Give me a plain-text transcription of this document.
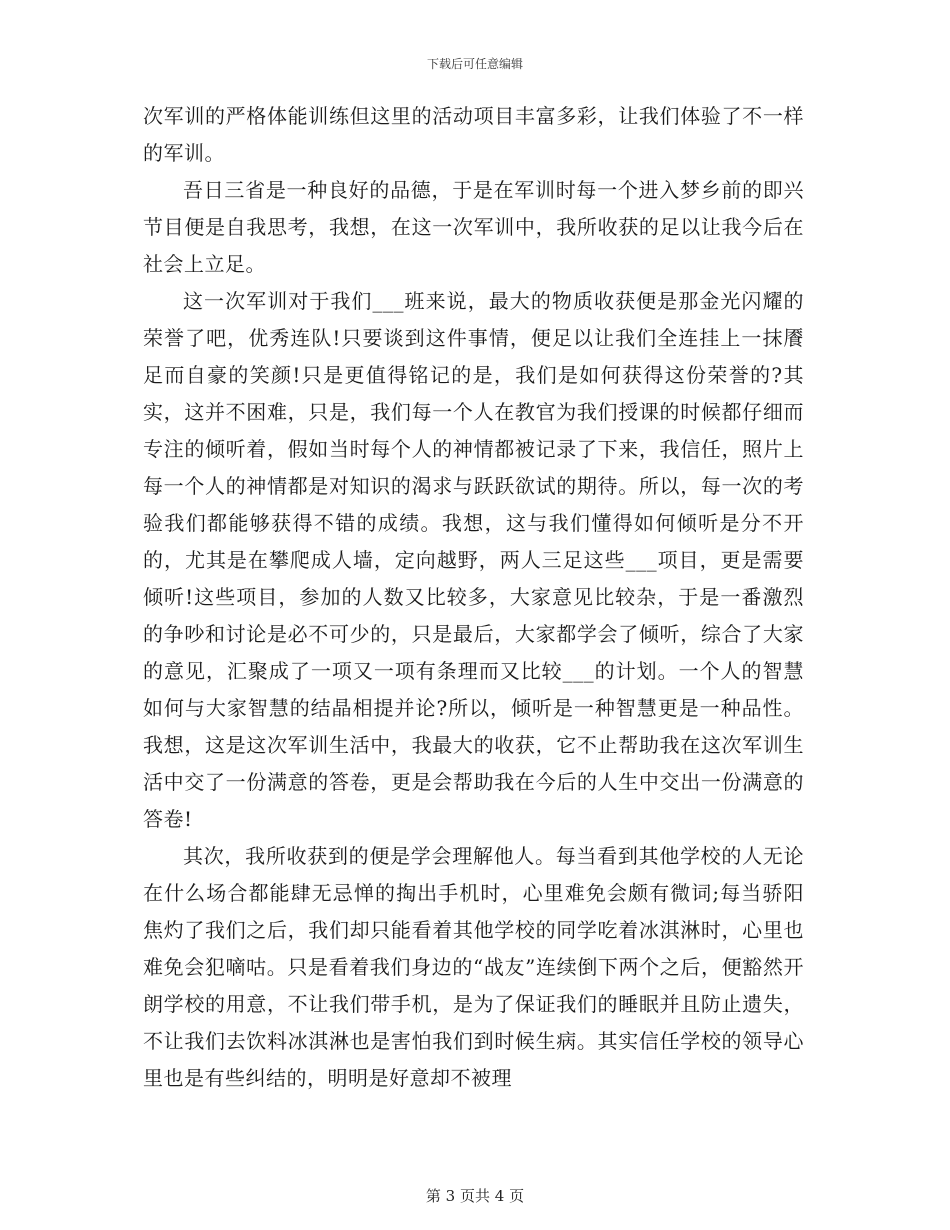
下载后可任意编辑

次军训的严格体能训练但这里的活动项目丰富多彩，让我们体验了不一样的军训。

吾日三省是一种良好的品德，于是在军训时每一个进入梦乡前的即兴节目便是自我思考，我想，在这一次军训中，我所收获的足以让我今后在社会上立足。

这一次军训对于我们___班来说，最大的物质收获便是那金光闪耀的荣誉了吧，优秀连队!只要谈到这件事情，便足以让我们全连挂上一抹餍足而自豪的笑颜!只是更值得铭记的是，我们是如何获得这份荣誉的?其实，这并不困难，只是，我们每一个人在教官为我们授课的时候都仔细而专注的倾听着，假如当时每个人的神情都被记录了下来，我信任，照片上每一个人的神情都是对知识的渴求与跃跃欲试的期待。所以，每一次的考验我们都能够获得不错的成绩。我想，这与我们懂得如何倾听是分不开的，尤其是在攀爬成人墙，定向越野，两人三足这些___项目，更是需要倾听!这些项目，参加的人数又比较多，大家意见比较杂，于是一番激烈的争吵和讨论是必不可少的，只是最后，大家都学会了倾听，综合了大家的意见，汇聚成了一项又一项有条理而又比较___的计划。一个人的智慧如何与大家智慧的结晶相提并论?所以，倾听是一种智慧更是一种品性。我想，这是这次军训生活中，我最大的收获，它不止帮助我在这次军训生活中交了一份满意的答卷，更是会帮助我在今后的人生中交出一份满意的答卷!

其次，我所收获到的便是学会理解他人。每当看到其他学校的人无论在什么场合都能肆无忌惮的掏出手机时，心里难免会颇有微词;每当骄阳焦灼了我们之后，我们却只能看着其他学校的同学吃着冰淇淋时，心里也难免会犯嘀咕。只是看着我们身边的“战友”连续倒下两个之后，便豁然开朗学校的用意，不让我们带手机，是为了保证我们的睡眠并且防止遗失，不让我们去饮料冰淇淋也是害怕我们到时候生病。其实信任学校的领导心里也是有些纠结的，明明是好意却不被理

第 3 页共 4 页
